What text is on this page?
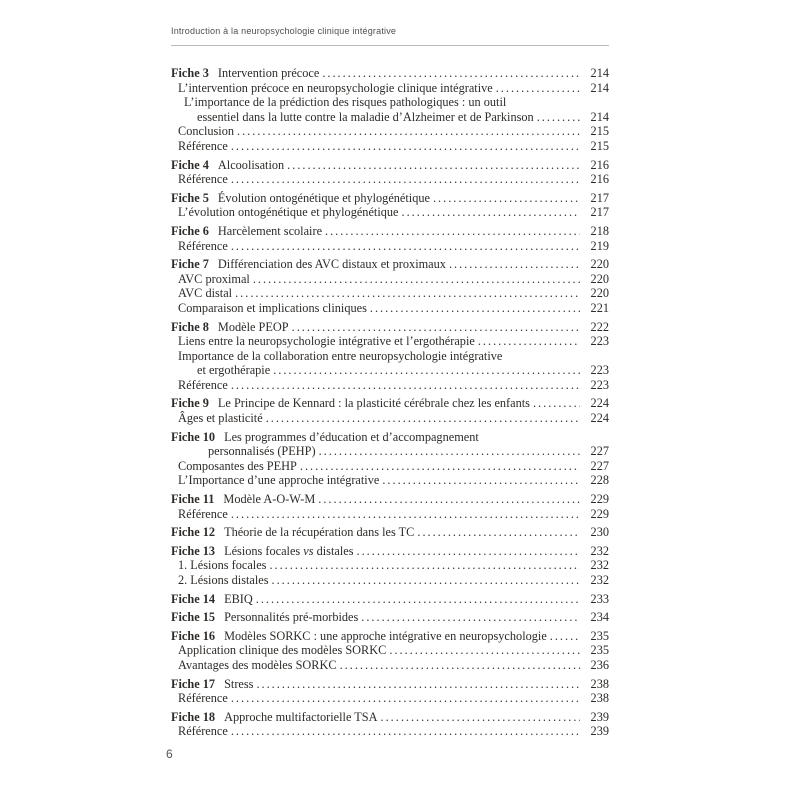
Introduction à la neuropsychologie clinique intégrative
Fiche 3 Intervention précoce .....	214
L’intervention précoce en neuropsychologie clinique intégrative .....	214
L’importance de la prédiction des risques pathologiques : un outil
essentiel dans la lutte contre la maladie d’Alzheimer et de Parkinson .....	214
Conclusion .....	215
Référence .....	215
Fiche 4 Alcoolisation .....	216
Référence .....	216
Fiche 5 Évolution ontogénétique et phylogénétique .....	217
L’évolution ontogénétique et phylogénétique .....	217
Fiche 6 Harcèlement scolaire .....	218
Référence .....	219
Fiche 7 Différenciation des AVC distaux et proximaux .....	220
AVC proximal .....	220
AVC distal .....	220
Comparaison et implications cliniques .....	221
Fiche 8 Modèle PEOP .....	222
Liens entre la neuropsychologie intégrative et l’ergothérapie .....	223
Importance de la collaboration entre neuropsychologie intégrative
et ergothérapie .....	223
Référence .....	223
Fiche 9 Le Principe de Kennard : la plasticité cérébrale chez les enfants .....	224
Âges et plasticité .....	224
Fiche 10 Les programmes d’éducation et d’accompagnement
personnalisés (PEHP) .....	227
Composantes des PEHP .....	227
L’Importance d’une approche intégrative .....	228
Fiche 11 Modèle A-O-W-M .....	229
Référence .....	229
Fiche 12 Théorie de la récupération dans les TC .....	230
Fiche 13 Lésions focales vs distales .....	232
1. Lésions focales .....	232
2. Lésions distales .....	232
Fiche 14 EBIQ .....	233
Fiche 15 Personnalités pré-morbides .....	234
Fiche 16 Modèles SORKC : une approche intégrative en neuropsychologie .....	235
Application clinique des modèles SORKC .....	235
Avantages des modèles SORKC .....	236
Fiche 17 Stress .....	238
Référence .....	238
Fiche 18 Approche multifactorielle TSA .....	239
Référence .....	239
6
